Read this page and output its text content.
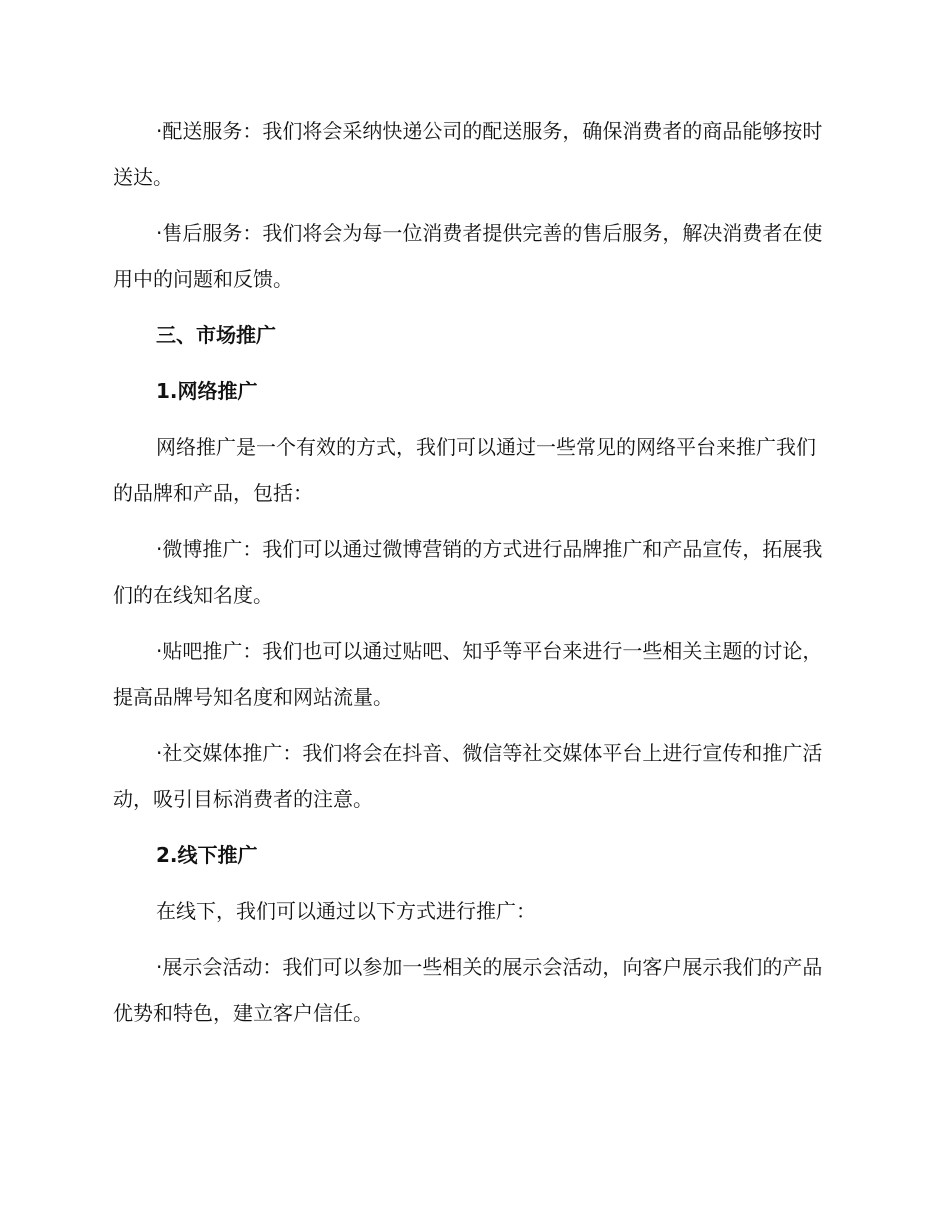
·配送服务：我们将会采纳快递公司的配送服务，确保消费者的商品能够按时送达。

·售后服务：我们将会为每一位消费者提供完善的售后服务，解决消费者在使用中的问题和反馈。

三、市场推广

1.网络推广

网络推广是一个有效的方式，我们可以通过一些常见的网络平台来推广我们的品牌和产品，包括：

·微博推广：我们可以通过微博营销的方式进行品牌推广和产品宣传，拓展我们的在线知名度。

·贴吧推广：我们也可以通过贴吧、知乎等平台来进行一些相关主题的讨论，提高品牌号知名度和网站流量。

·社交媒体推广：我们将会在抖音、微信等社交媒体平台上进行宣传和推广活动，吸引目标消费者的注意。

2.线下推广

在线下，我们可以通过以下方式进行推广：

·展示会活动：我们可以参加一些相关的展示会活动，向客户展示我们的产品优势和特色，建立客户信任。
